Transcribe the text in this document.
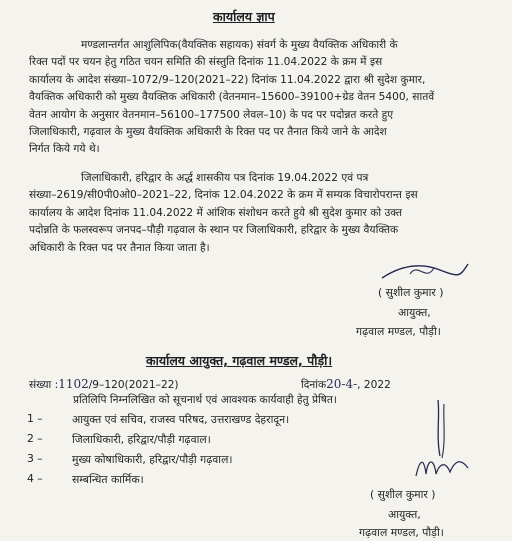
कार्यालय ज्ञाप
मण्डलान्तर्गत आशुलिपिक(वैयक्तिक सहायक) संवर्ग के मुख्य वैयक्तिक अधिकारी के
रिक्त पदों पर चयन हेतु गठित चयन समिति की संस्तुति दिनांक 11.04.2022 के क्रम में इस
कार्यालय के आदेश संख्या–1072/9–120(2021–22) दिनांक 11.04.2022 द्वारा श्री सुदेश कुमार,
वैयक्तिक अधिकारी को मुख्य वैयक्तिक अधिकारी (वेतनमान–15600–39100+ग्रेड वेतन 5400, सातवें
वेतन आयोग के अनुसार वेतनमान–56100–177500 लेवल–10) के पद पर पदोन्नत करते हुए
जिलाधिकारी, गढ़वाल के मुख्य वैयक्तिक अधिकारी के रिक्त पद पर तैनात किये जाने के आदेश
निर्गत किये गये थे।
जिलाधिकारी, हरिद्वार के अर्द्ध शासकीय पत्र दिनांक 19.04.2022 एवं पत्र
संख्या–2619/सी0पी0ओ0–2021–22, दिनांक 12.04.2022 के क्रम में सम्यक विचारोपरान्त इस
कार्यालय के आदेश दिनांक 11.04.2022 में आंशिक संशोधन करते हुये श्री सुदेश कुमार को उक्त
पदोन्नति के फलस्वरूप जनपद–पौड़ी गढ़वाल के स्थान पर जिलाधिकारी, हरिद्वार के मुख्य वैयक्तिक
अधिकारी के रिक्त पद पर तैनात किया जाता है।
( सुशील कुमार )
आयुक्त,
गढ़वाल मण्डल, पौड़ी।
कार्यालय आयुक्त, गढ़वाल मण्डल, पौड़ी।
संख्या :1102/9–120(2021–22)	दिनांक20-4-, 2022
प्रतिलिपि निम्नलिखित को सूचनार्थ एवं आवश्यक कार्यवाही हेतु प्रेषित।
1 –	आयुक्त एवं सचिव, राजस्व परिषद, उत्तराखण्ड देहरादून।
2 –	जिलाधिकारी, हरिद्वार/पौड़ी गढ़वाल।
3 –	मुख्य कोषाधिकारी, हरिद्वार/पौड़ी गढ़वाल।
4 –	सम्बन्धित कार्मिक।
( सुशील कुमार )
आयुक्त,
गढ़वाल मण्डल, पौड़ी।
